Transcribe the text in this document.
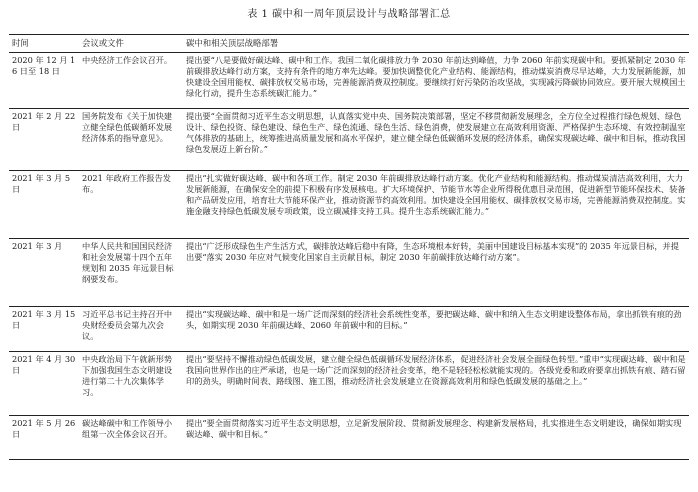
表 1 碳中和一周年顶层设计与战略部署汇总
时间	会议或文件	碳中和相关顶层战略部署
2020 年 12 月 16 日至 18 日	中央经济工作会议召开。	提出要“八是要做好碳达峰、碳中和工作。我国二氧化碳排放力争 2030 年前达到峰值，力争 2060 年前实现碳中和。要抓紧制定 2030 年前碳排放达峰行动方案，支持有条件的地方率先达峰。要加快调整优化产业结构、能源结构，推动煤炭消费尽早达峰，大力发展新能源，加快建设全国用能权、碳排放权交易市场，完善能源消费双控制度。要继续打好污染防治攻坚战，实现减污降碳协同效应。要开展大规模国土绿化行动，提升生态系统碳汇能力。”
2021 年 2 月 22 日	国务院发布《关于加快建立健全绿色低碳循环发展经济体系的指导意见》。	提出要“全面贯彻习近平生态文明思想，认真落实党中央、国务院决策部署，坚定不移贯彻新发展理念，全方位全过程推行绿色规划、绿色设计、绿色投资、绿色建设、绿色生产、绿色流通、绿色生活、绿色消费，使发展建立在高效利用资源、严格保护生态环境、有效控制温室气体排放的基础上，统筹推进高质量发展和高水平保护，建立健全绿色低碳循环发展的经济体系，确保实现碳达峰、碳中和目标，推动我国绿色发展迈上新台阶。”
2021 年 3 月 5 日	2021 年政府工作报告发布。	提出“扎实做好碳达峰、碳中和各项工作。制定 2030 年前碳排放达峰行动方案。优化产业结构和能源结构。推动煤炭清洁高效利用，大力发展新能源，在确保安全的前提下积极有序发展核电。扩大环境保护、节能节水等企业所得税优惠目录范围，促进新型节能环保技术、装备和产品研发应用，培育壮大节能环保产业，推动资源节约高效利用。加快建设全国用能权、碳排放权交易市场，完善能源消费双控制度。实施金融支持绿色低碳发展专项政策，设立碳减排支持工具。提升生态系统碳汇能力。”
2021 年 3 月	中华人民共和国国民经济和社会发展第十四个五年规划和 2035 年远景目标纲要发布。	提出“广泛形成绿色生产生活方式，碳排放达峰后稳中有降，生态环境根本好转，美丽中国建设目标基本实现”的 2035 年远景目标，并提出要“落实 2030 年应对气候变化国家自主贡献目标，制定 2030 年前碳排放达峰行动方案”。
2021 年 3 月 15 日	习近平总书记主持召开中央财经委员会第九次会议。	提出“实现碳达峰、碳中和是一场广泛而深刻的经济社会系统性变革，要把碳达峰、碳中和纳入生态文明建设整体布局，拿出抓铁有痕的劲头，如期实现 2030 年前碳达峰、2060 年前碳中和的目标。”
2021 年 4 月 30 日	中央政治局下午就新形势下加强我国生态文明建设进行第二十九次集体学习。	提出“要坚持不懈推动绿色低碳发展，建立健全绿色低碳循环发展经济体系，促进经济社会发展全面绿色转型。”重申“实现碳达峰、碳中和是我国向世界作出的庄严承诺，也是一场广泛而深刻的经济社会变革，绝不是轻轻松松就能实现的。各级党委和政府要拿出抓铁有痕、踏石留印的劲头，明确时间表、路线图、施工图，推动经济社会发展建立在资源高效利用和绿色低碳发展的基础之上。”
2021 年 5 月 26 日	碳达峰碳中和工作领导小组第一次全体会议召开。	提出“要全面贯彻落实习近平生态文明思想，立足新发展阶段、贯彻新发展理念、构建新发展格局，扎实推进生态文明建设，确保如期实现碳达峰、碳中和目标。”
